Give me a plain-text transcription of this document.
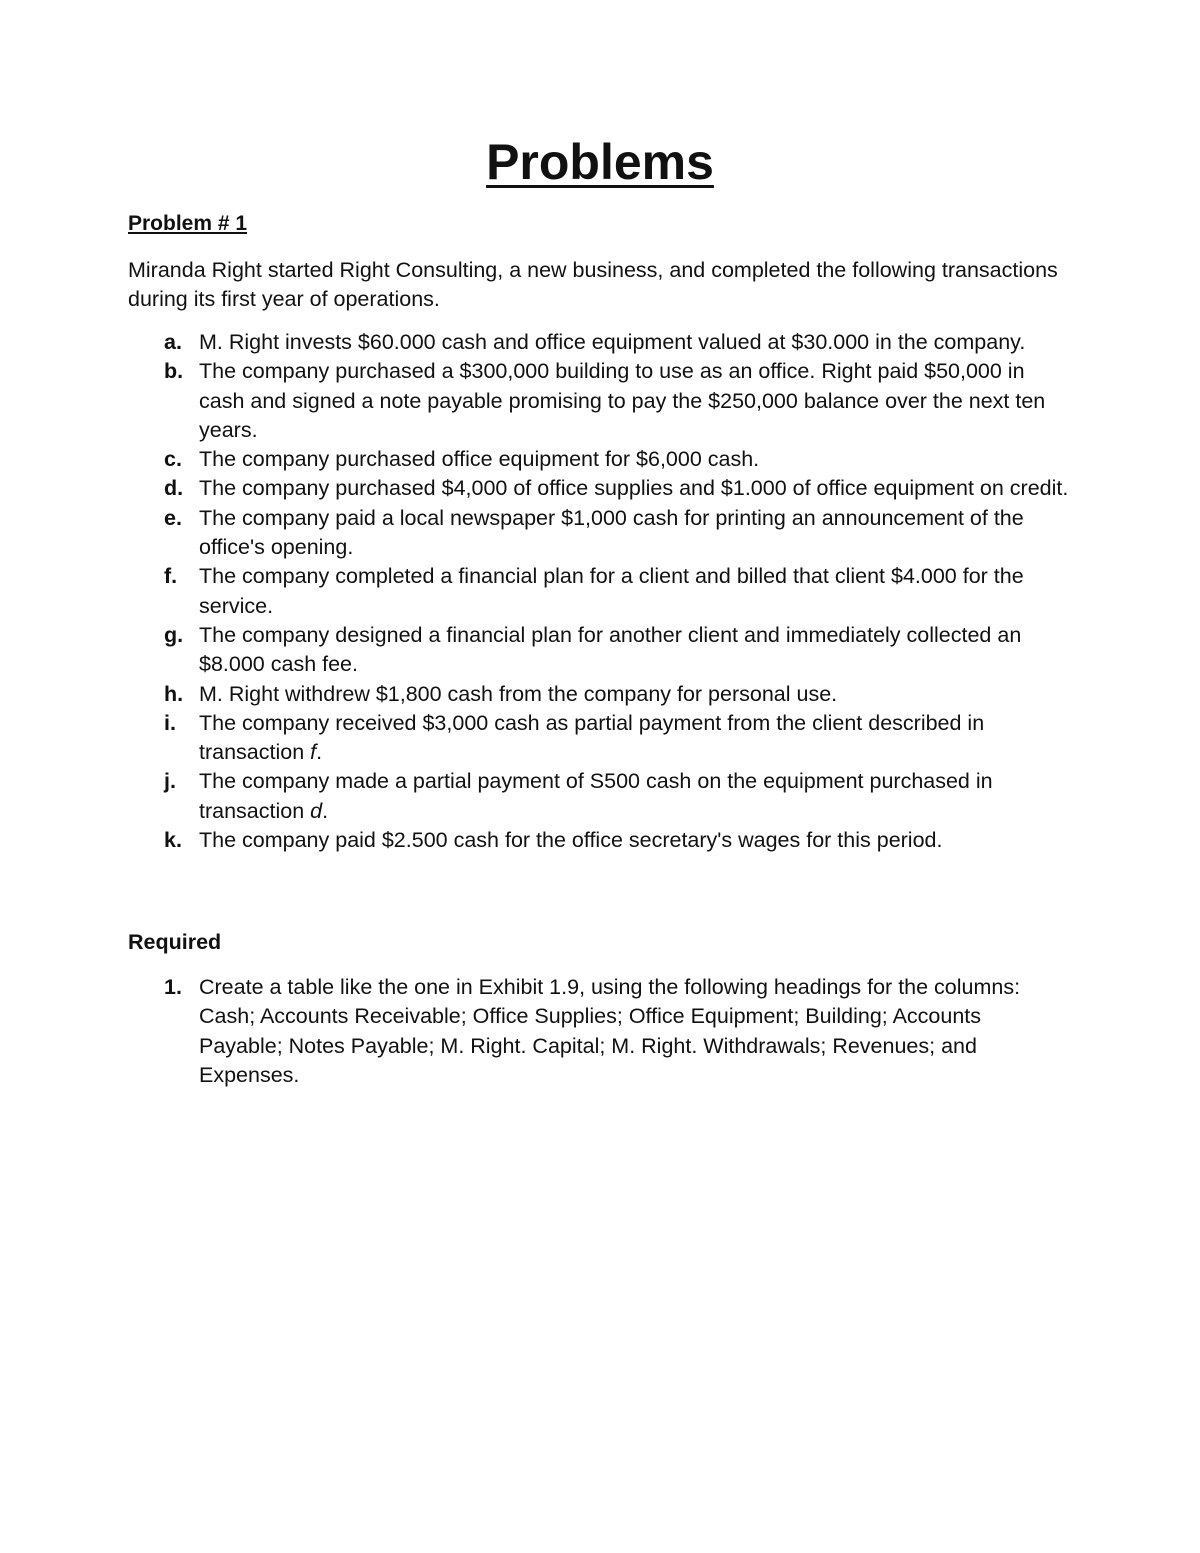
Problems
Problem # 1

Miranda Right started Right Consulting, a new business, and completed the following transactions during its first year of operations.

a. M. Right invests $60.000 cash and office equipment valued at $30.000 in the company.
b. The company purchased a $300,000 building to use as an office. Right paid $50,000 in cash and signed a note payable promising to pay the $250,000 balance over the next ten years.
c. The company purchased office equipment for $6,000 cash.
d. The company purchased $4,000 of office supplies and $1.000 of office equipment on credit.
e. The company paid a local newspaper $1,000 cash for printing an announcement of the office's opening.
f. The company completed a financial plan for a client and billed that client $4.000 for the service.
g. The company designed a financial plan for another client and immediately collected an $8.000 cash fee.
h. M. Right withdrew $1,800 cash from the company for personal use.
i. The company received $3,000 cash as partial payment from the client described in transaction f.
j. The company made a partial payment of S500 cash on the equipment purchased in transaction d.
k. The company paid $2.500 cash for the office secretary's wages for this period.
Required
1. Create a table like the one in Exhibit 1.9, using the following headings for the columns: Cash; Accounts Receivable; Office Supplies; Office Equipment; Building; Accounts Payable; Notes Payable; M. Right. Capital; M. Right. Withdrawals; Revenues; and Expenses.
